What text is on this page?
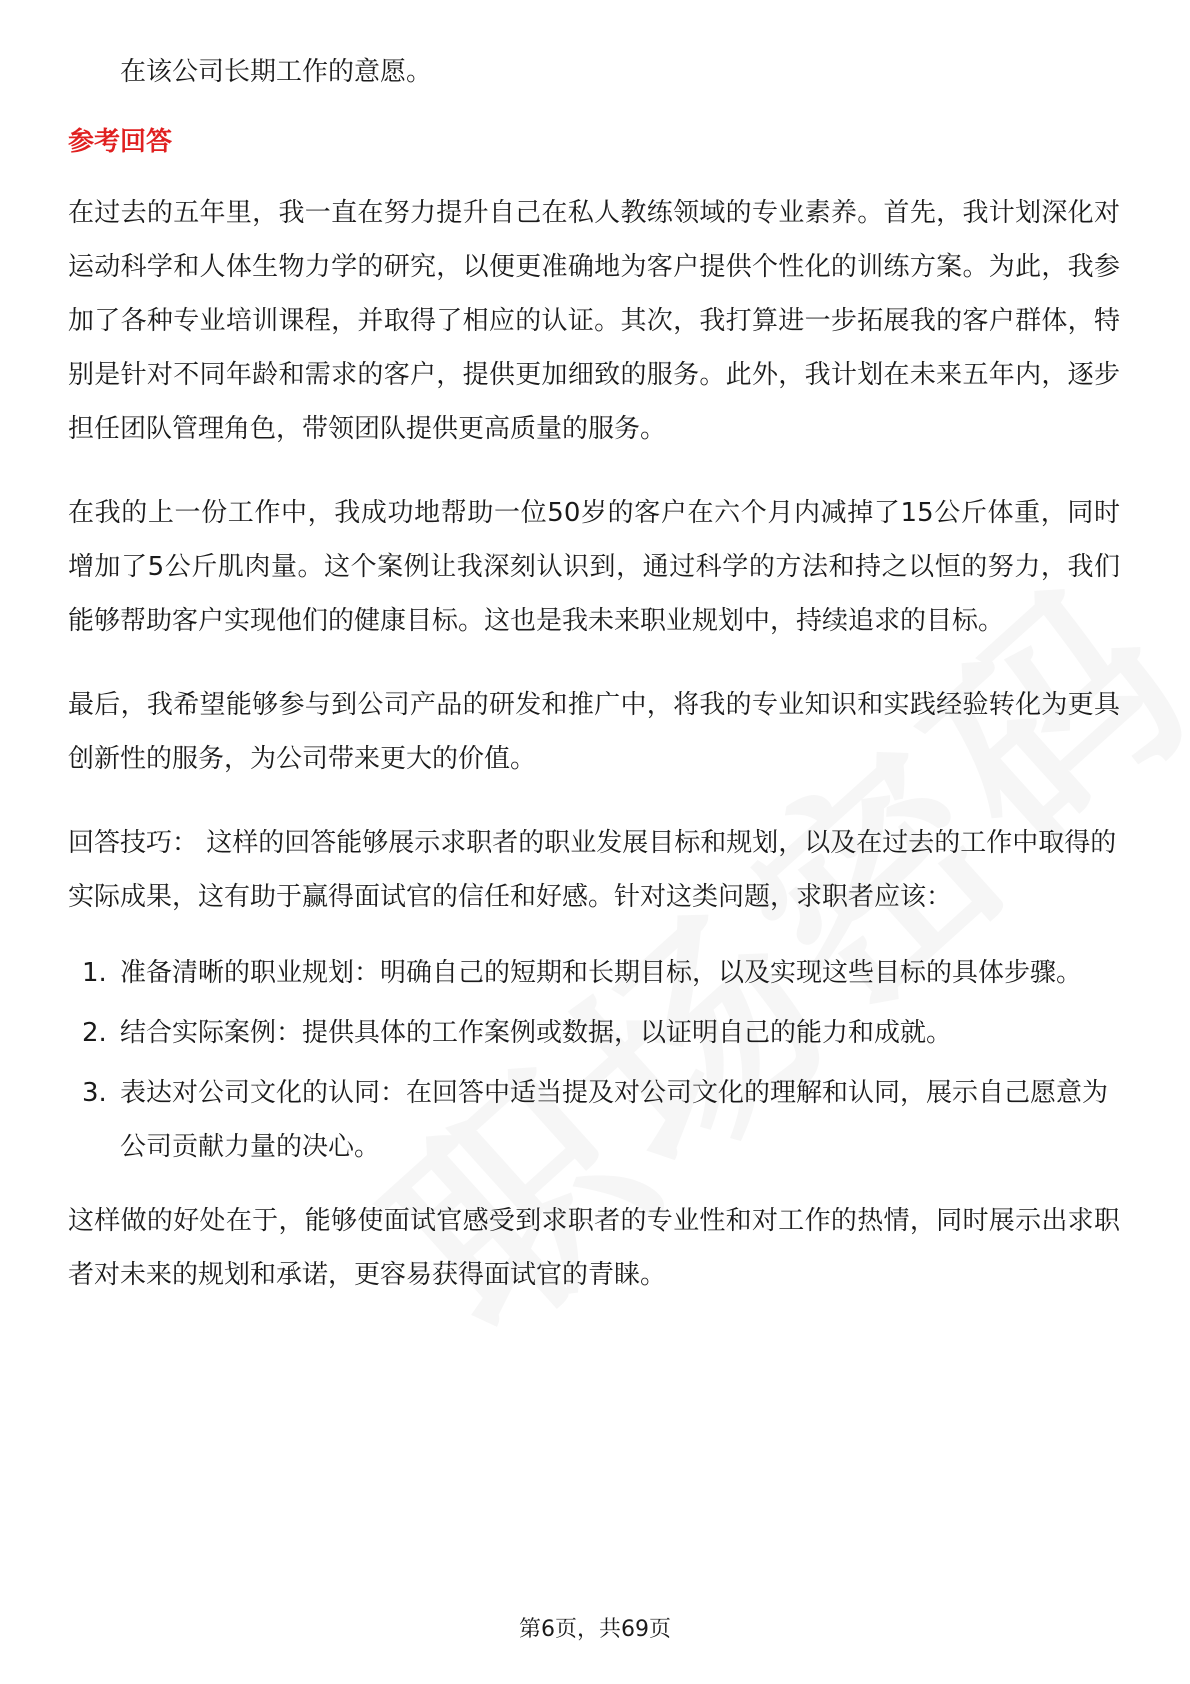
在该公司长期工作的意愿。

参考回答

在过去的五年里，我一直在努力提升自己在私人教练领域的专业素养。首先，我计划深化对运动科学和人体生物力学的研究，以便更准确地为客户提供个性化的训练方案。为此，我参加了各种专业培训课程，并取得了相应的认证。其次，我打算进一步拓展我的客户群体，特别是针对不同年龄和需求的客户，提供更加细致的服务。此外，我计划在未来五年内，逐步担任团队管理角色，带领团队提供更高质量的服务。

在我的上一份工作中，我成功地帮助一位50岁的客户在六个月内减掉了15公斤体重，同时增加了5公斤肌肉量。这个案例让我深刻认识到，通过科学的方法和持之以恒的努力，我们能够帮助客户实现他们的健康目标。这也是我未来职业规划中，持续追求的目标。

最后，我希望能够参与到公司产品的研发和推广中，将我的专业知识和实践经验转化为更具创新性的服务，为公司带来更大的价值。

回答技巧： 这样的回答能够展示求职者的职业发展目标和规划，以及在过去的工作中取得的实际成果，这有助于赢得面试官的信任和好感。针对这类问题，求职者应该：

1. 准备清晰的职业规划：明确自己的短期和长期目标，以及实现这些目标的具体步骤。
2. 结合实际案例：提供具体的工作案例或数据，以证明自己的能力和成就。
3. 表达对公司文化的认同：在回答中适当提及对公司文化的理解和认同，展示自己愿意为公司贡献力量的决心。

这样做的好处在于，能够使面试官感受到求职者的专业性和对工作的热情，同时展示出求职者对未来的规划和承诺，更容易获得面试官的青睐。

第6页，共69页
